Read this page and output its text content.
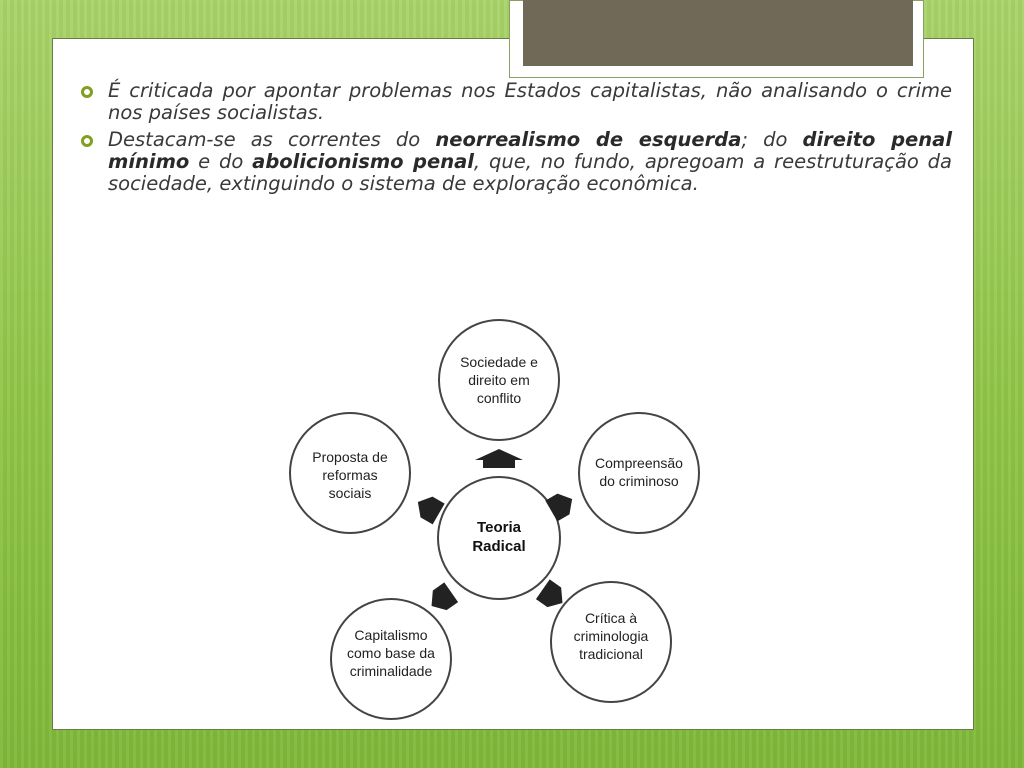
É criticada por apontar problemas nos Estados capitalistas, não analisando o crime nos países socialistas.

Destacam-se as correntes do neorrealismo de esquerda; do direito penal mínimo e do abolicionismo penal, que, no fundo, apregoam a reestruturação da sociedade, extinguindo o sistema de exploração econômica.

Teoria
Radical
Sociedade e
direito em
conflito
Compreensão
do criminoso
Crítica à
criminologia
tradicional
Capitalismo
como base da
criminalidade
Proposta de
reformas
sociais
